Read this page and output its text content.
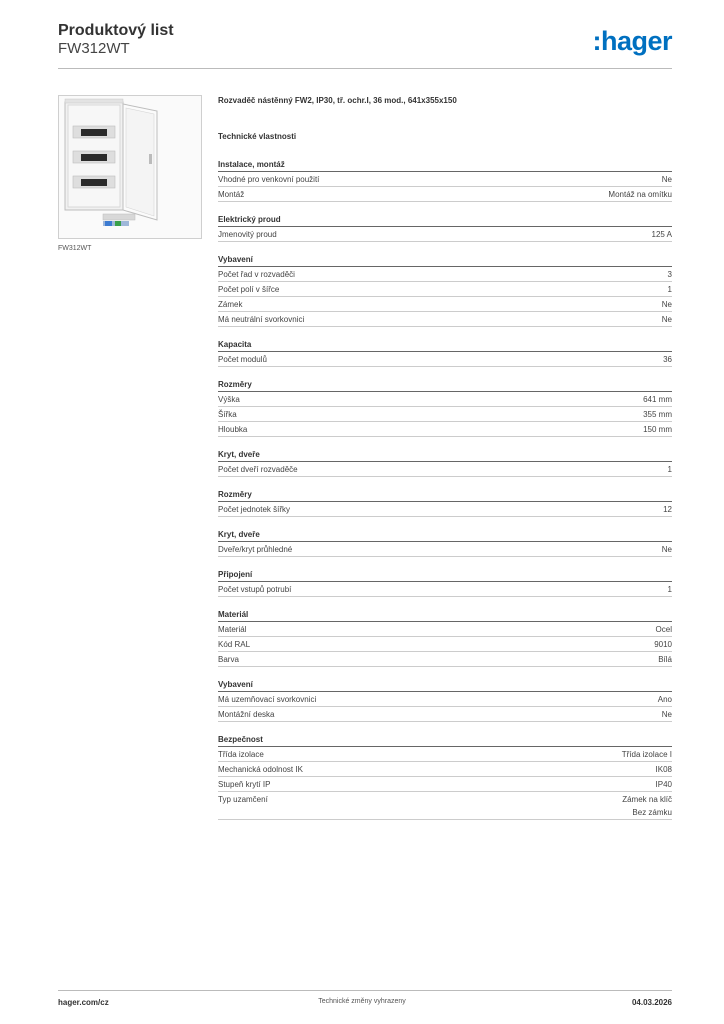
Produktový list
FW312WT	:hager
FW312WT
Rozvaděč nástěnný FW2, IP30, tř. ochr.I, 36 mod., 641x355x150
Technické vlastnosti
Instalace, montáž
Vhodné pro venkovní použití	Ne
Montáž	Montáž na omítku
Elektrický proud
Jmenovitý proud	125 A
Vybavení
Počet řad v rozvaděči	3
Počet polí v šířce	1
Zámek	Ne
Má neutrální svorkovnici	Ne
Kapacita
Počet modulů	36
Rozměry
Výška	641 mm
Šířka	355 mm
Hloubka	150 mm
Kryt, dveře
Počet dveří rozvaděče	1
Rozměry
Počet jednotek šířky	12
Kryt, dveře
Dveře/kryt průhledné	Ne
Připojení
Počet vstupů potrubí	1
Materiál
Materiál	Ocel
Kód RAL	9010
Barva	Bílá
Vybavení
Má uzemňovací svorkovnici	Ano
Montážní deska	Ne
Bezpečnost
Třída izolace	Třída izolace I
Mechanická odolnost IK	IK08
Stupeň krytí IP	IP40
Typ uzamčení	Zámek na klíč
Bez zámku
hager.com/cz	Technické změny vyhrazeny	04.03.2026
